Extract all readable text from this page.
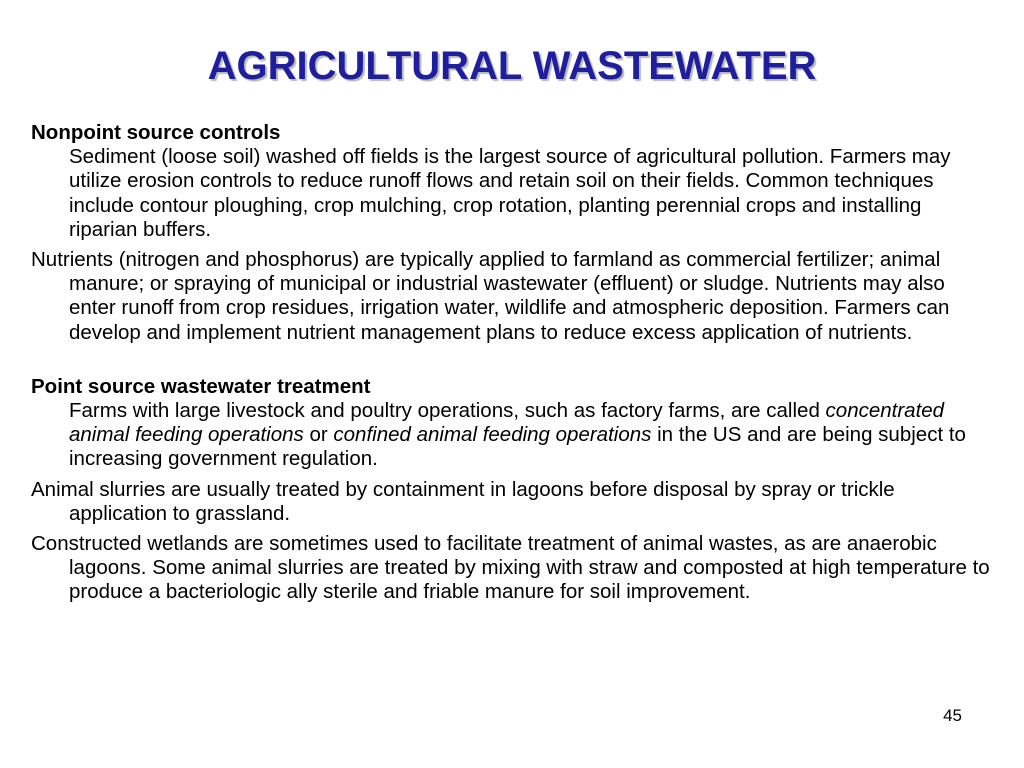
AGRICULTURAL WASTEWATER
Nonpoint source controls
Sediment (loose soil) washed off fields is the largest source of agricultural pollution. Farmers may utilize erosion controls to reduce runoff flows and retain soil on their fields. Common techniques include contour ploughing, crop mulching, crop rotation, planting perennial crops and installing riparian buffers.

Nutrients (nitrogen and phosphorus) are typically applied to farmland as commercial fertilizer; animal manure; or spraying of municipal or industrial wastewater (effluent) or sludge. Nutrients may also enter runoff from crop residues, irrigation water, wildlife and atmospheric deposition. Farmers can develop and implement nutrient management plans to reduce excess application of nutrients.

Point source wastewater treatment
Farms with large livestock and poultry operations, such as factory farms, are called concentrated animal feeding operations or confined animal feeding operations in the US and are being subject to increasing government regulation.

Animal slurries are usually treated by containment in lagoons before disposal by spray or trickle application to grassland.

Constructed wetlands are sometimes used to facilitate treatment of animal wastes, as are anaerobic lagoons. Some animal slurries are treated by mixing with straw and composted at high temperature to produce a bacteriologic ally sterile and friable manure for soil improvement.

45
